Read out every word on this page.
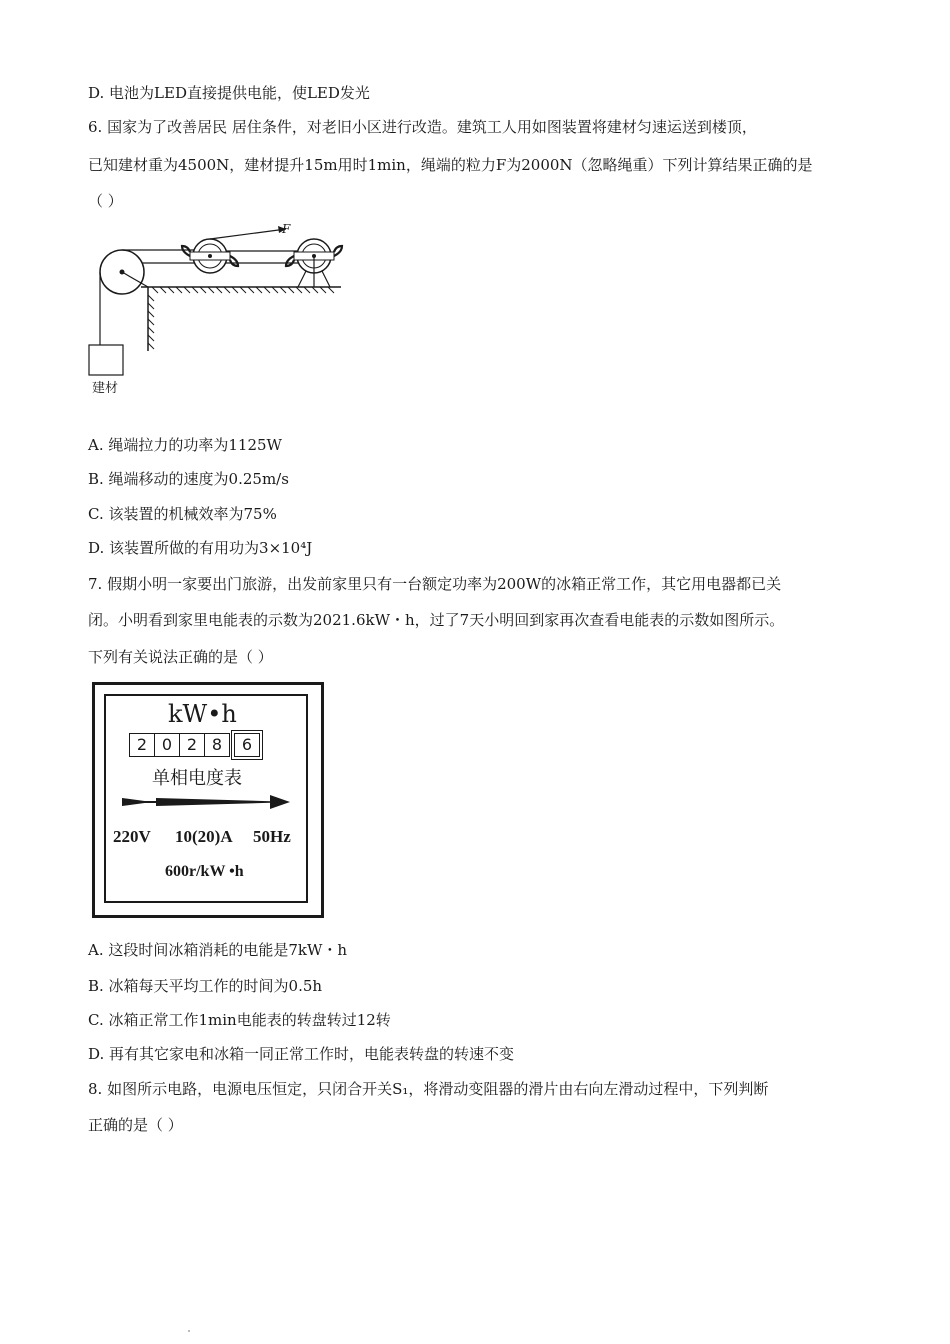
D. 电池为LED直接提供电能，使LED发光

6. 国家为了改善居民 居住条件，对老旧小区进行改造。建筑工人用如图装置将建材匀速运送到楼顶，

已知建材重为4500N，建材提升15m用时1min，绳端的粒力F为2000N（忽略绳重）下列计算结果正确的是

（ ）

F
建材

A. 绳端拉力的功率为1125W

B. 绳端移动的速度为0.25m/s

C. 该装置的机械效率为75%

D. 该装置所做的有用功为3×10⁴J

7. 假期小明一家要出门旅游，出发前家里只有一台额定功率为200W的冰箱正常工作，其它用电器都已关

闭。小明看到家里电能表的示数为2021.6kW・h，过了7天小明回到家再次查看电能表的示数如图所示。

下列有关说法正确的是（ ）

kW•h
2 0 2 8	6
单相电度表
220V 10(20)A 50Hz
600r/kW •h

A. 这段时间冰箱消耗的电能是7kW・h

B. 冰箱每天平均工作的时间为0.5h

C. 冰箱正常工作1min电能表的转盘转过12转

D. 再有其它家电和冰箱一同正常工作时，电能表转盘的转速不变

8. 如图所示电路，电源电压恒定，只闭合开关S₁，将滑动变阻器的滑片由右向左滑动过程中，下列判断

正确的是（ ）
